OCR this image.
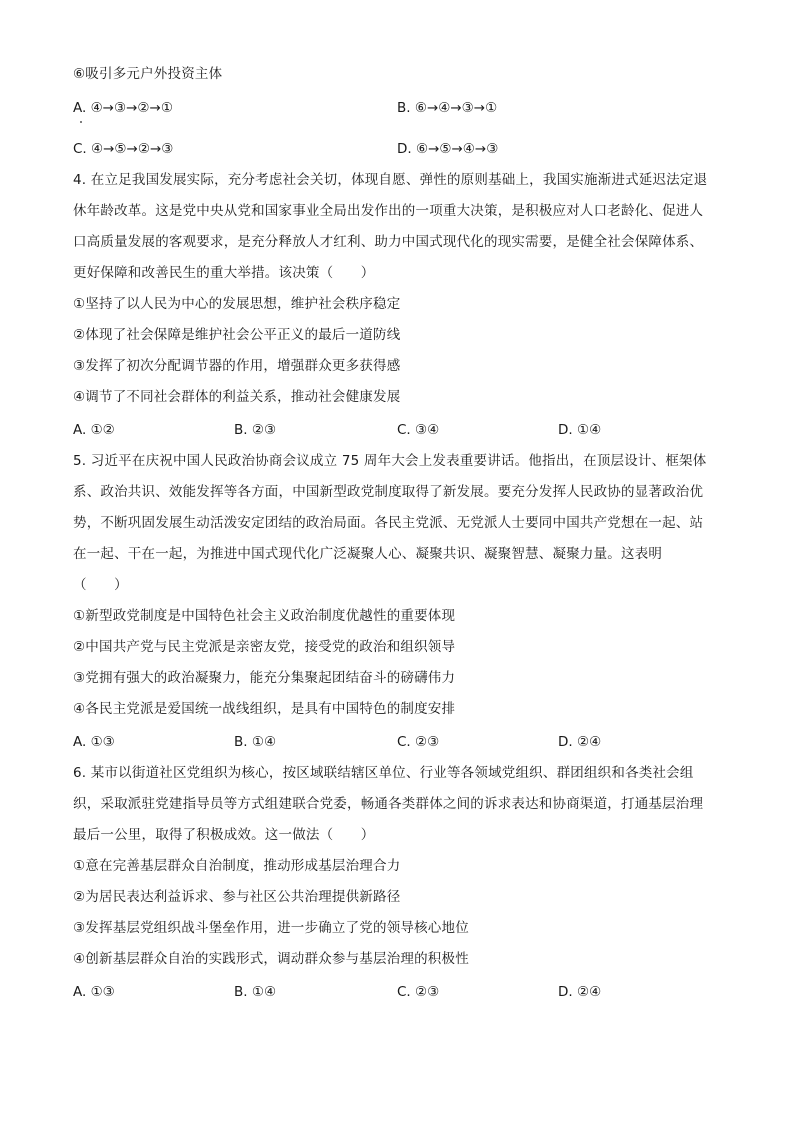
⑥吸引多元户外投资主体
A. ④→③→②→①	B. ⑥→④→③→①
C. ④→⑤→②→③	D. ⑥→⑤→④→③
4. 在立足我国发展实际，充分考虑社会关切，体现自愿、弹性的原则基础上，我国实施渐进式延迟法定退
休年龄改革。这是党中央从党和国家事业全局出发作出的一项重大决策，是积极应对人口老龄化、促进人
口高质量发展的客观要求，是充分释放人才红利、助力中国式现代化的现实需要，是健全社会保障体系、
更好保障和改善民生的重大举措。该决策（　　）
①坚持了以人民为中心的发展思想，维护社会秩序稳定
②体现了社会保障是维护社会公平正义的最后一道防线
③发挥了初次分配调节器的作用，增强群众更多获得感
④调节了不同社会群体的利益关系，推动社会健康发展
A. ①②	B. ②③	C. ③④	D. ①④
5. 习近平在庆祝中国人民政治协商会议成立 75 周年大会上发表重要讲话。他指出，在顶层设计、框架体
系、政治共识、效能发挥等各方面，中国新型政党制度取得了新发展。要充分发挥人民政协的显著政治优
势，不断巩固发展生动活泼安定团结的政治局面。各民主党派、无党派人士要同中国共产党想在一起、站
在一起、干在一起，为推进中国式现代化广泛凝聚人心、凝聚共识、凝聚智慧、凝聚力量。这表明
（　　）
①新型政党制度是中国特色社会主义政治制度优越性的重要体现
②中国共产党与民主党派是亲密友党，接受党的政治和组织领导
③党拥有强大的政治凝聚力，能充分集聚起团结奋斗的磅礴伟力
④各民主党派是爱国统一战线组织，是具有中国特色的制度安排
A. ①③	B. ①④	C. ②③	D. ②④
6. 某市以街道社区党组织为核心，按区域联结辖区单位、行业等各领域党组织、群团组织和各类社会组
织，采取派驻党建指导员等方式组建联合党委，畅通各类群体之间的诉求表达和协商渠道，打通基层治理
最后一公里，取得了积极成效。这一做法（　　）
①意在完善基层群众自治制度，推动形成基层治理合力
②为居民表达利益诉求、参与社区公共治理提供新路径
③发挥基层党组织战斗堡垒作用，进一步确立了党的领导核心地位
④创新基层群众自治的实践形式，调动群众参与基层治理的积极性
A. ①③	B. ①④	C. ②③	D. ②④
